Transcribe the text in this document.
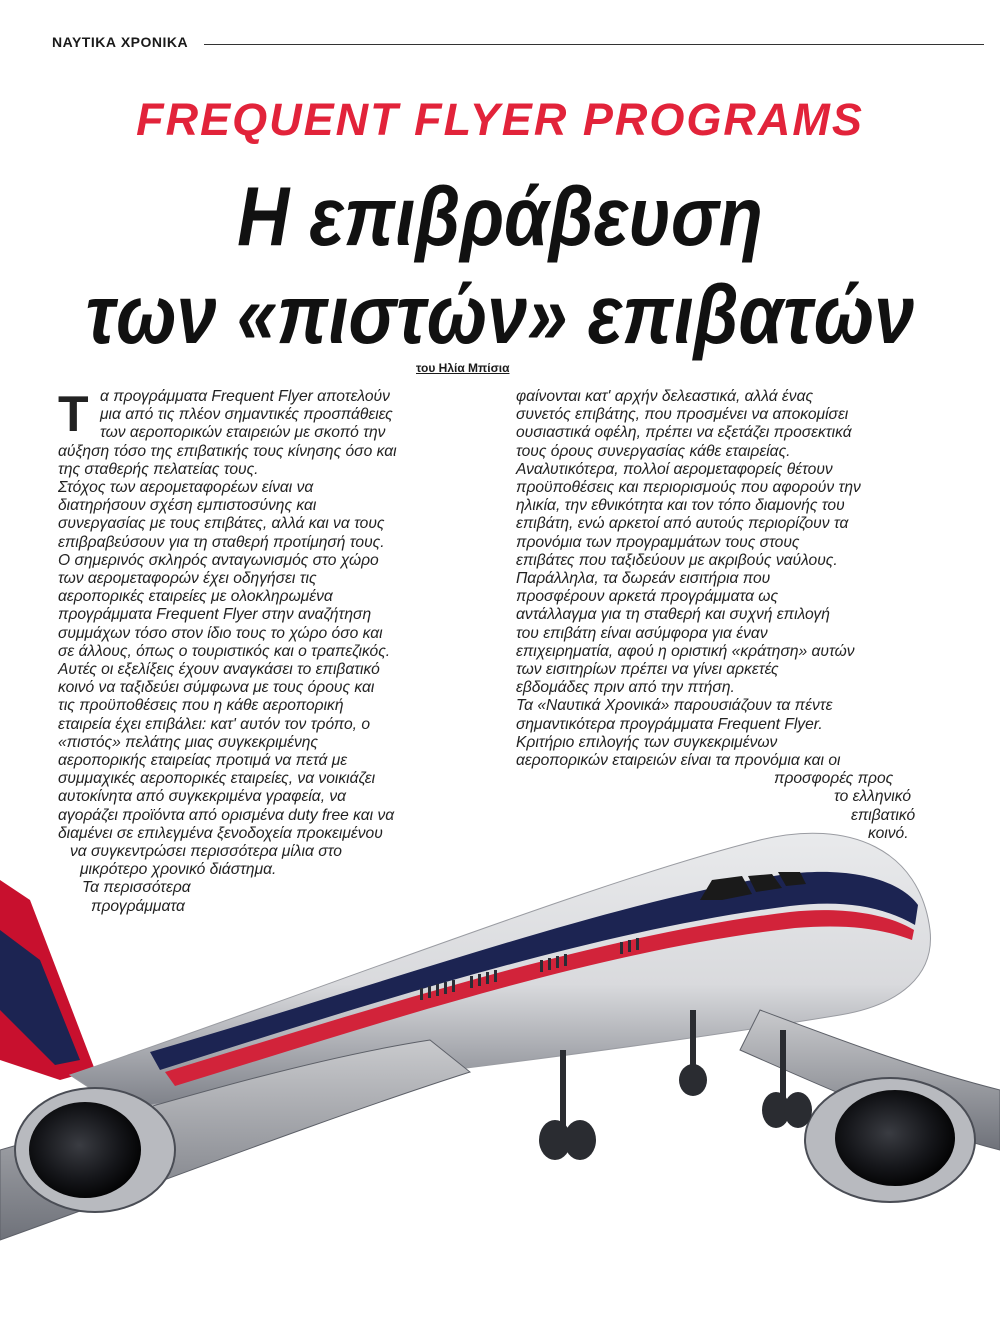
ΝΑΥΤΙΚΑ ΧΡΟΝΙΚΑ
FREQUENT FLYER PROGRAMS
Η επιβράβευση
των «πιστών» επιβατών
του Ηλία Μπίσια
Τ α προγράμματα Frequent Flyer αποτελούν
μια από τις πλέον σημαντικές προσπάθειες
των αεροπορικών εταιρειών με σκοπό την
αύξηση τόσο της επιβατικής τους κίνησης όσο και
της σταθερής πελατείας τους.
Στόχος των αερομεταφορέων είναι να
διατηρήσουν σχέση εμπιστοσύνης και
συνεργασίας με τους επιβάτες, αλλά και να τους
επιβραβεύσουν για τη σταθερή προτίμησή τους.
Ο σημερινός σκληρός ανταγωνισμός στο χώρο
των αερομεταφορών έχει οδηγήσει τις
αεροπορικές εταιρείες με ολοκληρωμένα
προγράμματα Frequent Flyer στην αναζήτηση
συμμάχων τόσο στον ίδιο τους το χώρο όσο και
σε άλλους, όπως ο τουριστικός και ο τραπεζικός.
Αυτές οι εξελίξεις έχουν αναγκάσει το επιβατικό
κοινό να ταξιδεύει σύμφωνα με τους όρους και
τις προϋποθέσεις που η κάθε αεροπορική
εταιρεία έχει επιβάλει: κατ' αυτόν τον τρόπο, ο
«πιστός» πελάτης μιας συγκεκριμένης
αεροπορικής εταιρείας προτιμά να πετά με
συμμαχικές αεροπορικές εταιρείες, να νοικιάζει
αυτοκίνητα από συγκεκριμένα γραφεία, να
αγοράζει προϊόντα από ορισμένα duty free και να
διαμένει σε επιλεγμένα ξενοδοχεία προκειμένου
να συγκεντρώσει περισσότερα μίλια στο
μικρότερο χρονικό διάστημα.
Τα περισσότερα
προγράμματα
φαίνονται κατ' αρχήν δελεαστικά, αλλά ένας
συνετός επιβάτης, που προσμένει να αποκομίσει
ουσιαστικά οφέλη, πρέπει να εξετάζει προσεκτικά
τους όρους συνεργασίας κάθε εταιρείας.
Αναλυτικότερα, πολλοί αερομεταφορείς θέτουν
προϋποθέσεις και περιορισμούς που αφορούν την
ηλικία, την εθνικότητα και τον τόπο διαμονής του
επιβάτη, ενώ αρκετοί από αυτούς περιορίζουν τα
προνόμια των προγραμμάτων τους στους
επιβάτες που ταξιδεύουν με ακριβούς ναύλους.
Παράλληλα, τα δωρεάν εισιτήρια που
προσφέρουν αρκετά προγράμματα ως
αντάλλαγμα για τη σταθερή και συχνή επιλογή
του επιβάτη είναι ασύμφορα για έναν
επιχειρηματία, αφού η οριστική «κράτηση» αυτών
των εισιτηρίων πρέπει να γίνει αρκετές
εβδομάδες πριν από την πτήση.
Τα «Ναυτικά Χρονικά» παρουσιάζουν τα πέντε
σημαντικότερα προγράμματα Frequent Flyer.
Κριτήριο επιλογής των συγκεκριμένων
αεροπορικών εταιρειών είναι τα προνόμια και οι
προσφορές προς
το ελληνικό
επιβατικό
κοινό.
